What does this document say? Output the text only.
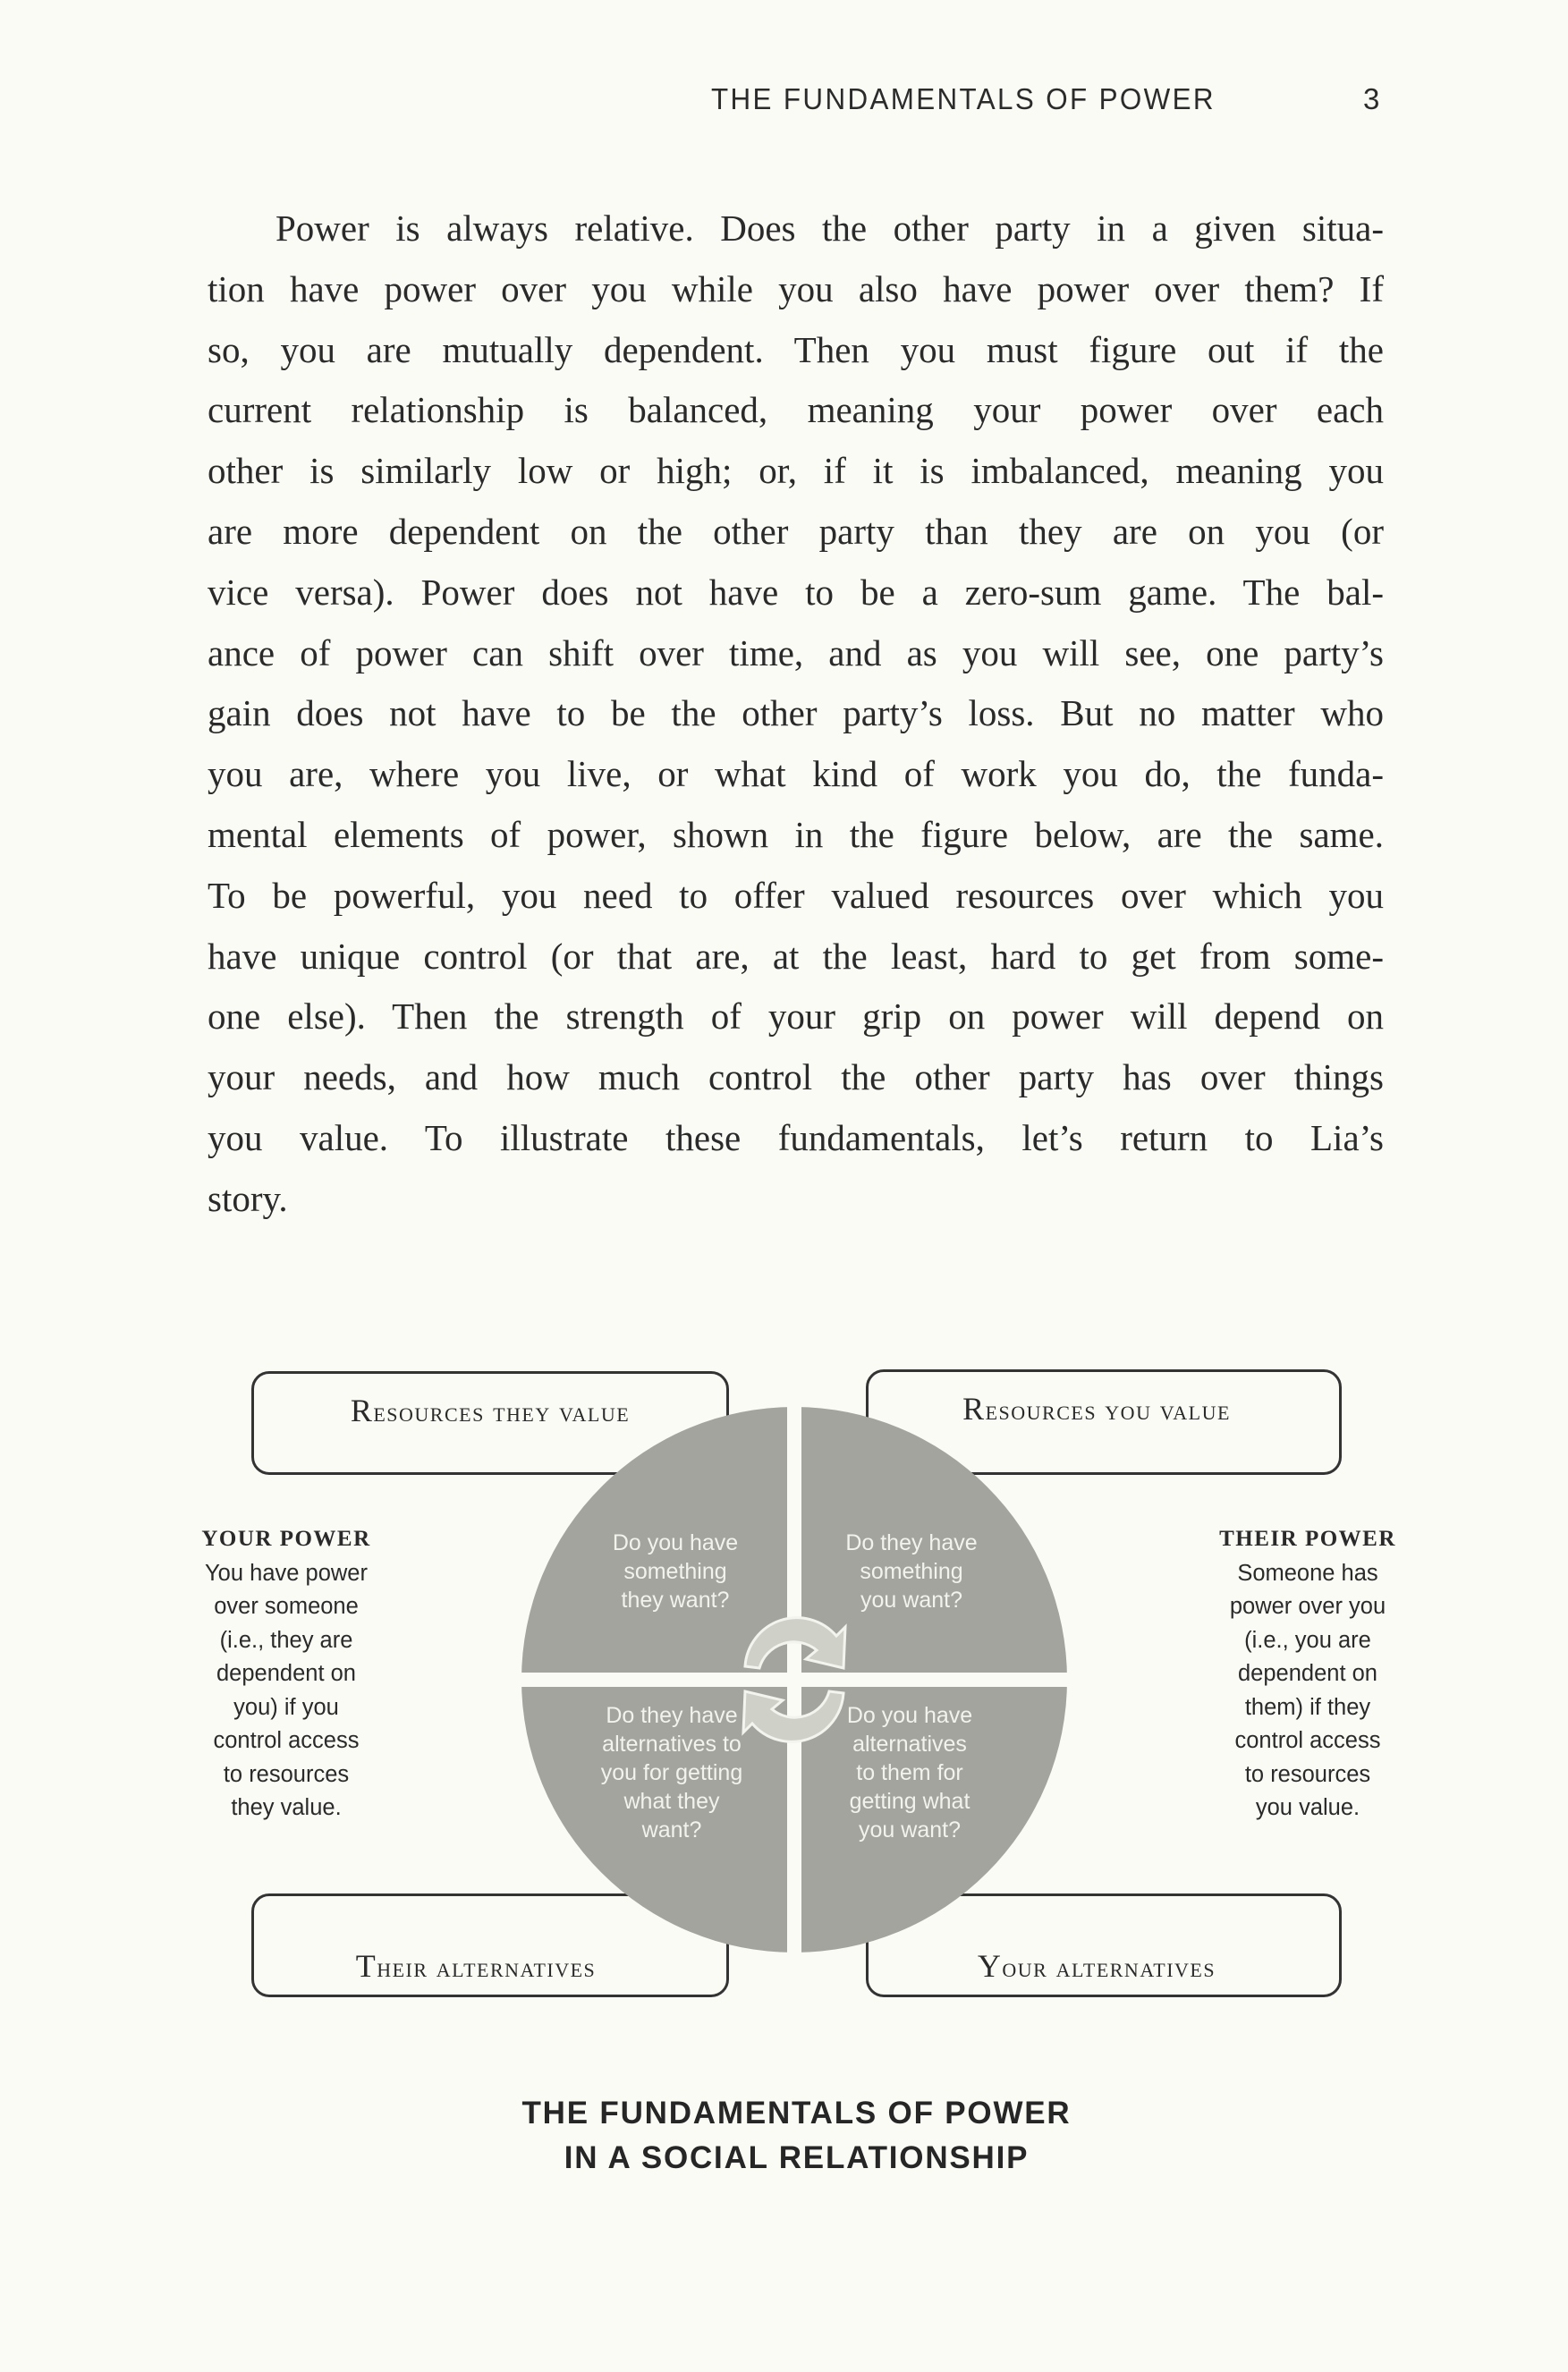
THE FUNDAMENTALS OF POWER	3
Power is always relative. Does the other party in a given situa-
tion have power over you while you also have power over them? If
so, you are mutually dependent. Then you must figure out if the
current relationship is balanced, meaning your power over each
other is similarly low or high; or, if it is imbalanced, meaning you
are more dependent on the other party than they are on you (or
vice versa). Power does not have to be a zero-sum game. The bal-
ance of power can shift over time, and as you will see, one party’s
gain does not have to be the other party’s loss. But no matter who
you are, where you live, or what kind of work you do, the funda-
mental elements of power, shown in the figure below, are the same.
To be powerful, you need to offer valued resources over which you
have unique control (or that are, at the least, hard to get from some-
one else). Then the strength of your grip on power will depend on
your needs, and how much control the other party has over things
you value. To illustrate these fundamentals, let’s return to Lia’s
story.
Resources they value	Resources you value
Their alternatives	Your alternatives
Do you have
something
they want?
Do they have
something
you want?
Do they have
alternatives to
you for getting
what they
want?
Do you have
alternatives
to them for
getting what
you want?
YOUR POWER
You have power
over someone
(i.e., they are
dependent on
you) if you
control access
to resources
they value.
THEIR POWER
Someone has
power over you
(i.e., you are
dependent on
them) if they
control access
to resources
you value.
THE FUNDAMENTALS OF POWER
IN A SOCIAL RELATIONSHIP
